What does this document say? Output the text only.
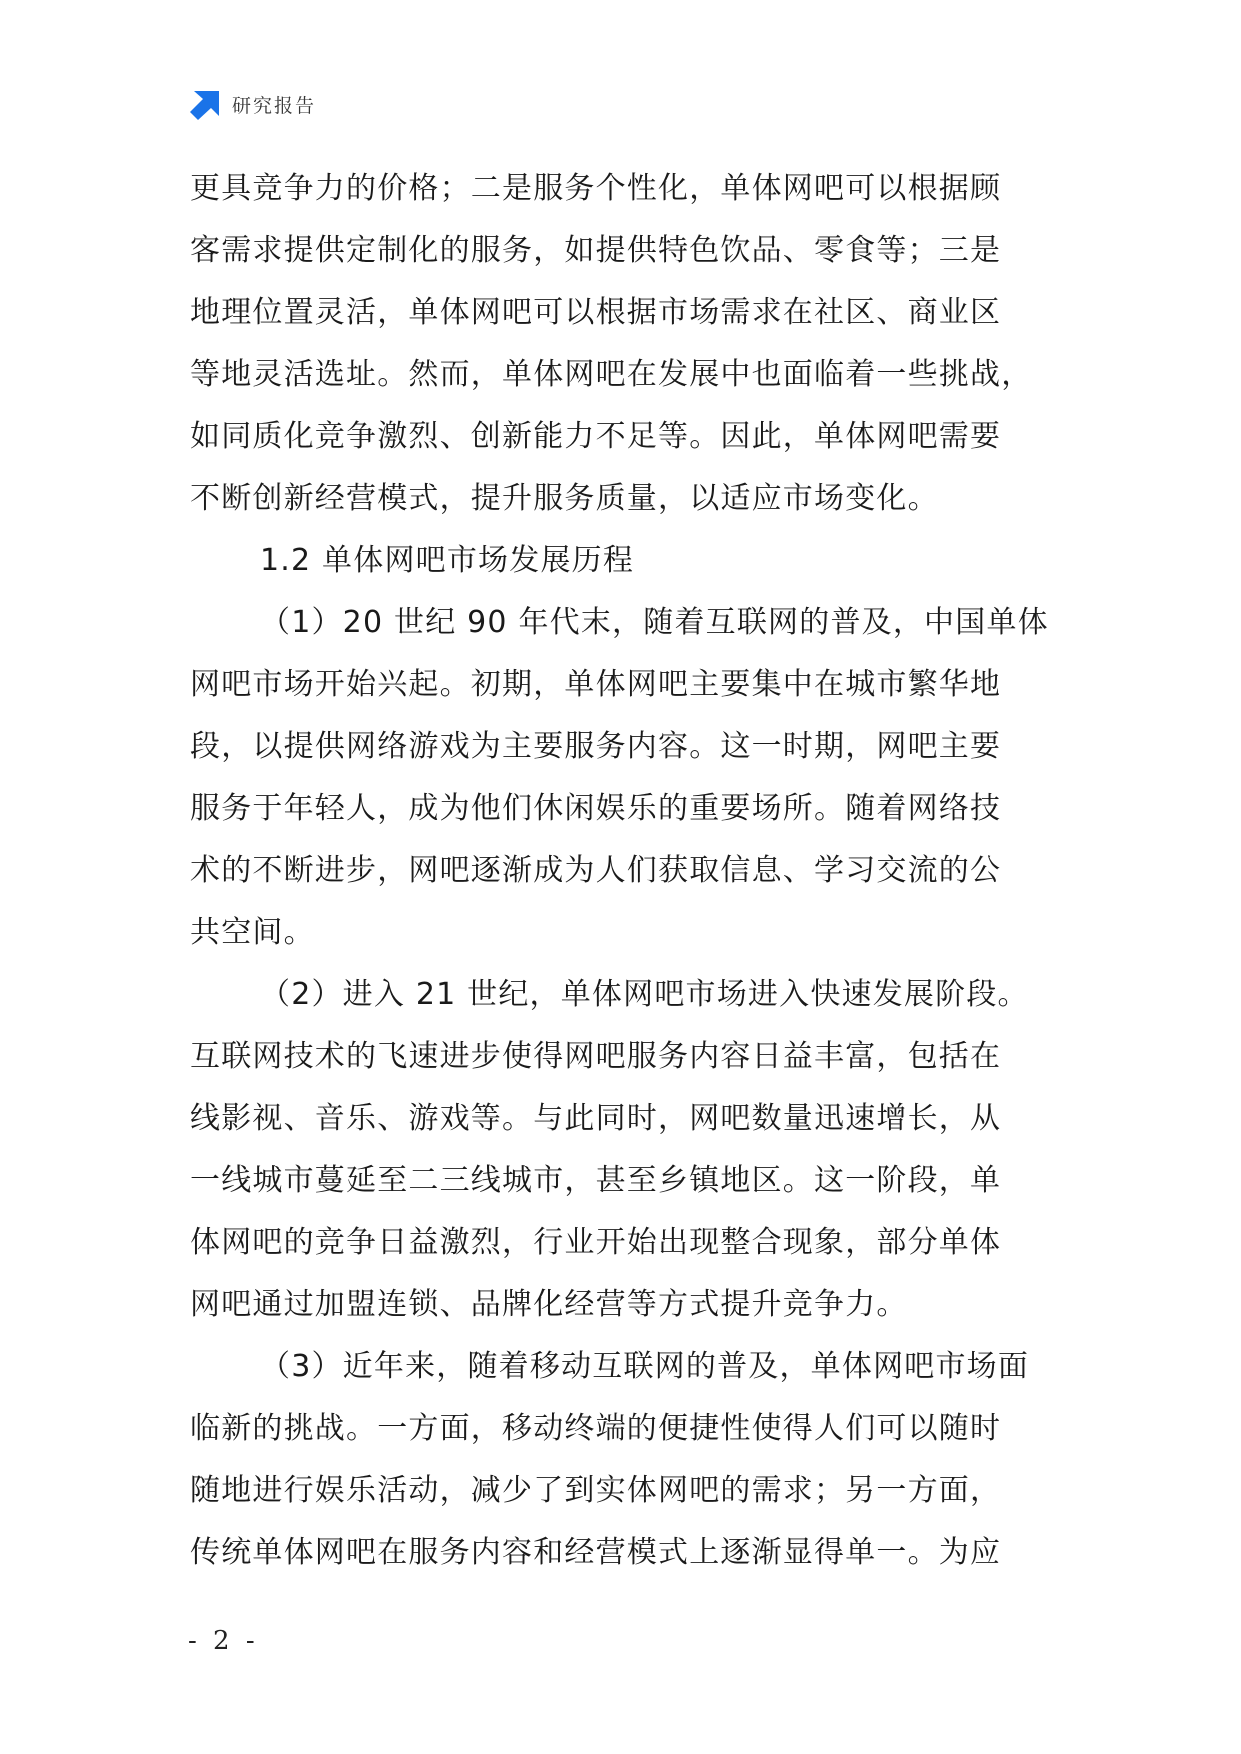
研究报告
更具竞争力的价格；二是服务个性化，单体网吧可以根据顾
客需求提供定制化的服务，如提供特色饮品、零食等；三是
地理位置灵活，单体网吧可以根据市场需求在社区、商业区
等地灵活选址。然而，单体网吧在发展中也面临着一些挑战，
如同质化竞争激烈、创新能力不足等。因此，单体网吧需要
不断创新经营模式，提升服务质量，以适应市场变化。
1.2 单体网吧市场发展历程
（1）20 世纪 90 年代末，随着互联网的普及，中国单体
网吧市场开始兴起。初期，单体网吧主要集中在城市繁华地
段，以提供网络游戏为主要服务内容。这一时期，网吧主要
服务于年轻人，成为他们休闲娱乐的重要场所。随着网络技
术的不断进步，网吧逐渐成为人们获取信息、学习交流的公
共空间。
（2）进入 21 世纪，单体网吧市场进入快速发展阶段。
互联网技术的飞速进步使得网吧服务内容日益丰富，包括在
线影视、音乐、游戏等。与此同时，网吧数量迅速增长，从
一线城市蔓延至二三线城市，甚至乡镇地区。这一阶段，单
体网吧的竞争日益激烈，行业开始出现整合现象，部分单体
网吧通过加盟连锁、品牌化经营等方式提升竞争力。
（3）近年来，随着移动互联网的普及，单体网吧市场面
临新的挑战。一方面，移动终端的便捷性使得人们可以随时
随地进行娱乐活动，减少了到实体网吧的需求；另一方面，
传统单体网吧在服务内容和经营模式上逐渐显得单一。为应
- 2 -
